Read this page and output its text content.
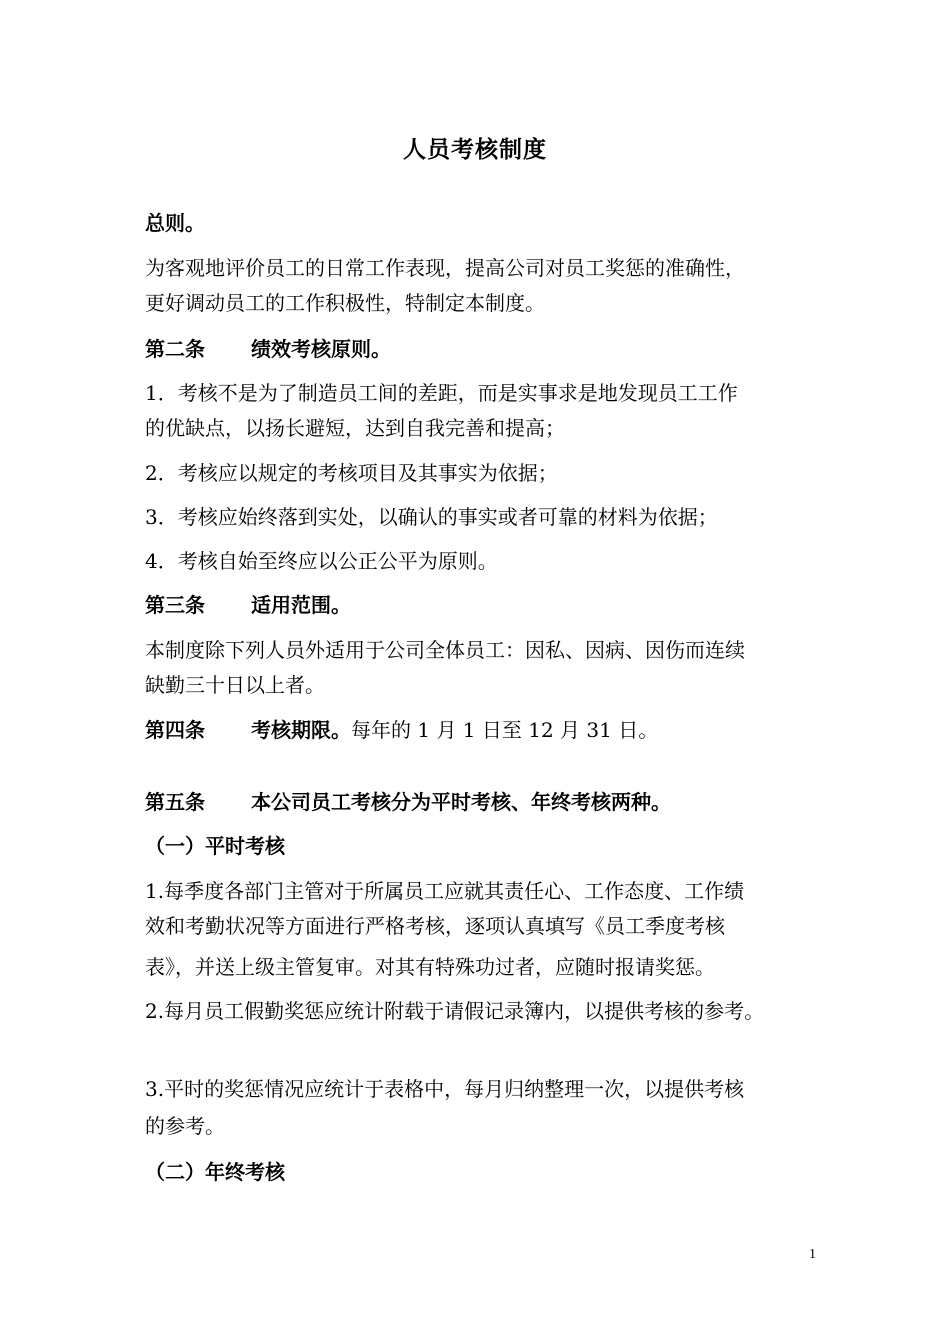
人员考核制度
总则。
为客观地评价员工的日常工作表现，提高公司对员工奖惩的准确性，
更好调动员工的工作积极性，特制定本制度。
第二条 绩效考核原则。
1．考核不是为了制造员工间的差距，而是实事求是地发现员工工作
的优缺点，以扬长避短，达到自我完善和提高；
2．考核应以规定的考核项目及其事实为依据；
3．考核应始终落到实处，以确认的事实或者可靠的材料为依据；
4．考核自始至终应以公正公平为原则。
第三条 适用范围。
本制度除下列人员外适用于公司全体员工：因私、因病、因伤而连续
缺勤三十日以上者。
第四条 考核期限。每年的 1 月 1 日至 12 月 31 日。
第五条 本公司员工考核分为平时考核、年终考核两种。
（一）平时考核
1.每季度各部门主管对于所属员工应就其责任心、工作态度、工作绩
效和考勤状况等方面进行严格考核，逐项认真填写《员工季度考核
表》，并送上级主管复审。对其有特殊功过者，应随时报请奖惩。
2.每月员工假勤奖惩应统计附载于请假记录簿内，以提供考核的参考。
3.平时的奖惩情况应统计于表格中，每月归纳整理一次，以提供考核
的参考。
（二）年终考核
1
